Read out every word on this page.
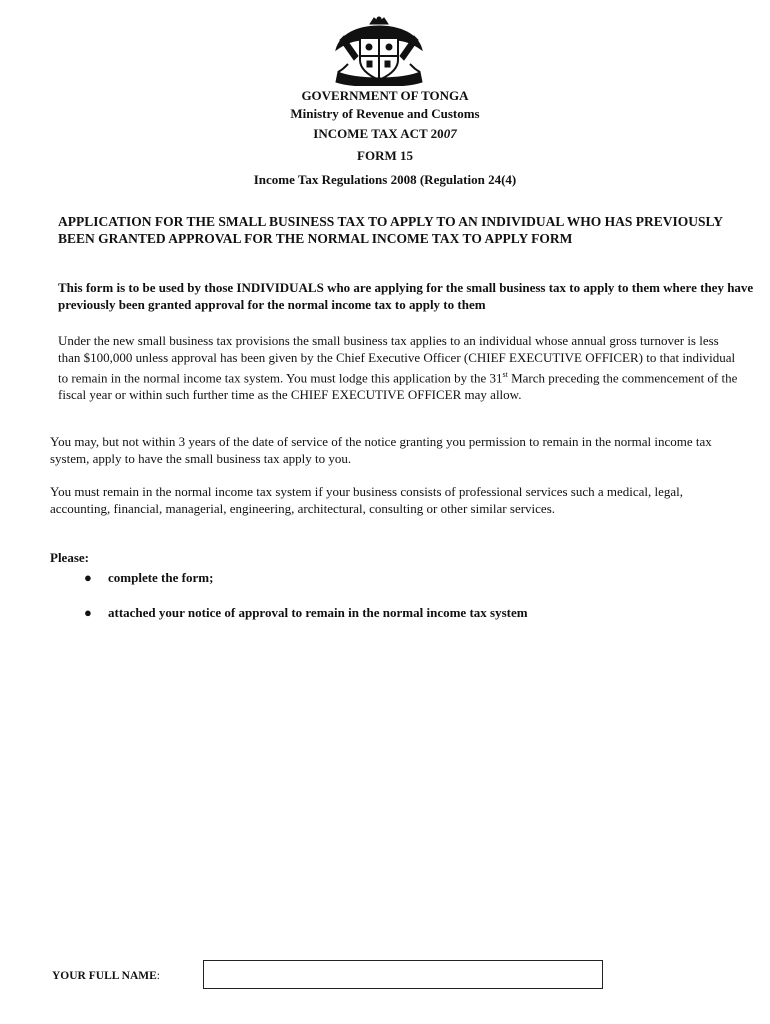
GOVERNMENT OF TONGA
Ministry of Revenue and Customs
INCOME TAX ACT 2007
FORM 15
Income Tax Regulations 2008 (Regulation 24(4)
APPLICATION FOR THE SMALL BUSINESS TAX TO APPLY TO AN INDIVIDUAL WHO HAS PREVIOUSLY BEEN GRANTED APPROVAL FOR THE NORMAL INCOME TAX TO APPLY FORM
This form is to be used by those INDIVIDUALS who are applying for the small business tax to apply to them where they have previously been granted approval for the normal income tax to apply to them
Under the new small business tax provisions the small business tax applies to an individual whose annual gross turnover is less than $100,000 unless approval has been given by the Chief Executive Officer (CHIEF EXECUTIVE OFFICER) to that individual to remain in the normal income tax system. You must lodge this application by the 31st March preceding the commencement of the fiscal year or within such further time as the CHIEF EXECUTIVE OFFICER may allow.
You may, but not within 3 years of the date of service of the notice granting you permission to remain in the normal income tax system, apply to have the small business tax apply to you.
You must remain in the normal income tax system if your business consists of professional services such a medical, legal, accounting, financial, managerial, engineering, architectural, consulting or other similar services.
Please:
● complete the form;
● attached your notice of approval to remain in the normal income tax system
YOUR FULL NAME:
